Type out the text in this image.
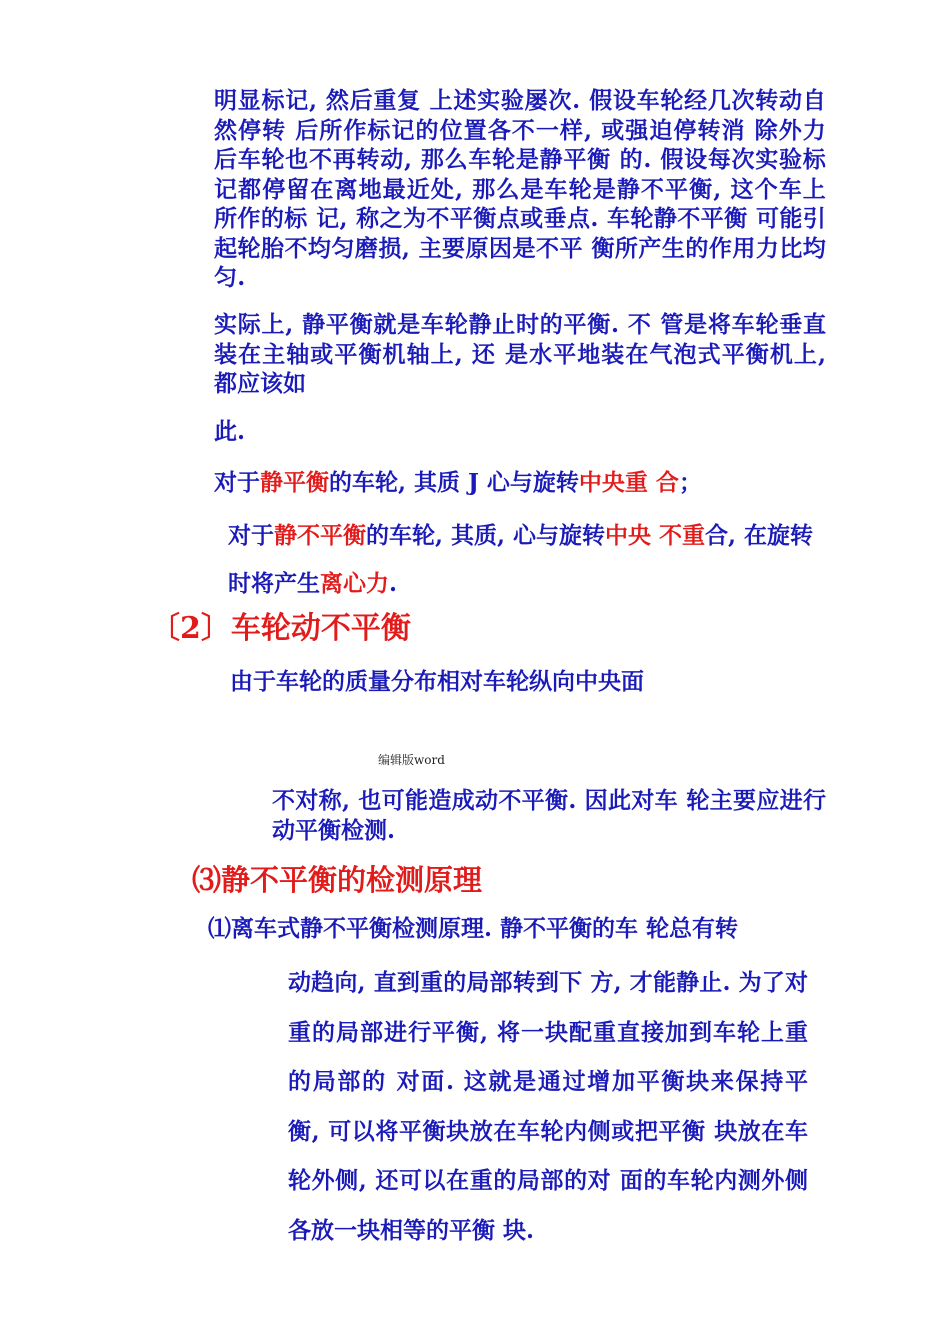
明显标记, 然后重复 上述实验屡次. 假设车轮经几次转动自然停转 后所作标记的位置各不一样, 或强迫停转消 除外力后车轮也不再转动, 那么车轮是静平衡 的. 假设每次实验标记都停留在离地最近处, 那么是车轮是静不平衡, 这个车上所作的标 记, 称之为不平衡点或垂点. 车轮静不平衡 可能引起轮胎不均匀磨损, 主要原因是不平 衡所产生的作用力比均匀.

实际上, 静平衡就是车轮静止时的平衡. 不 管是将车轮垂直装在主轴或平衡机轴上, 还 是水平地装在气泡式平衡机上, 都应该如

此.

对于静平衡的车轮, 其质 J 心与旋转中央重 合；

对于静不平衡的车轮, 其质, 心与旋转中央 不重合, 在旋转时将产生离心力.

〔2〕车轮动不平衡

由于车轮的质量分布相对车轮纵向中央面

编辑版word

不对称, 也可能造成动不平衡. 因此对车 轮主要应进行动平衡检测.

⑶静不平衡的检测原理

⑴离车式静不平衡检测原理. 静不平衡的车 轮总有转

动趋向, 直到重的局部转到下 方, 才能静止. 为了对重的局部进行平衡, 将一块配重直接加到车轮上重的局部的 对面. 这就是通过增加平衡块来保持平 衡, 可以将平衡块放在车轮内侧或把平衡 块放在车轮外侧, 还可以在重的局部的对 面的车轮内测外侧各放一块相等的平衡 块.
